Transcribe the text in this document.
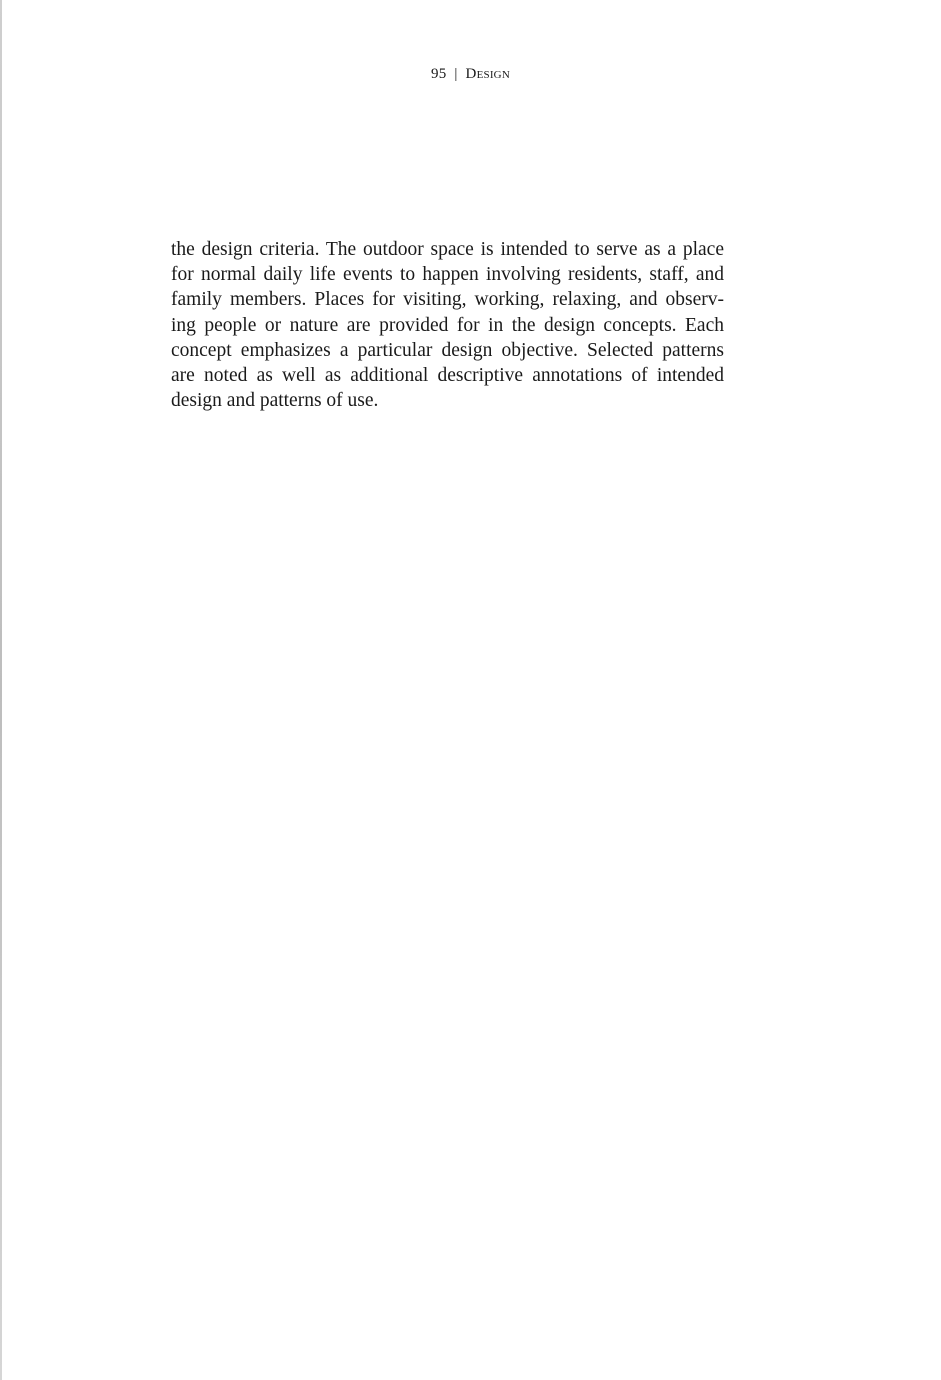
95 | Design

the design criteria. The outdoor space is intended to serve as a place
for normal daily life events to happen involving residents, staff, and
family members. Places for visiting, working, relaxing, and observ-
ing people or nature are provided for in the design concepts. Each
concept emphasizes a particular design objective. Selected patterns
are noted as well as additional descriptive annotations of intended
design and patterns of use.
